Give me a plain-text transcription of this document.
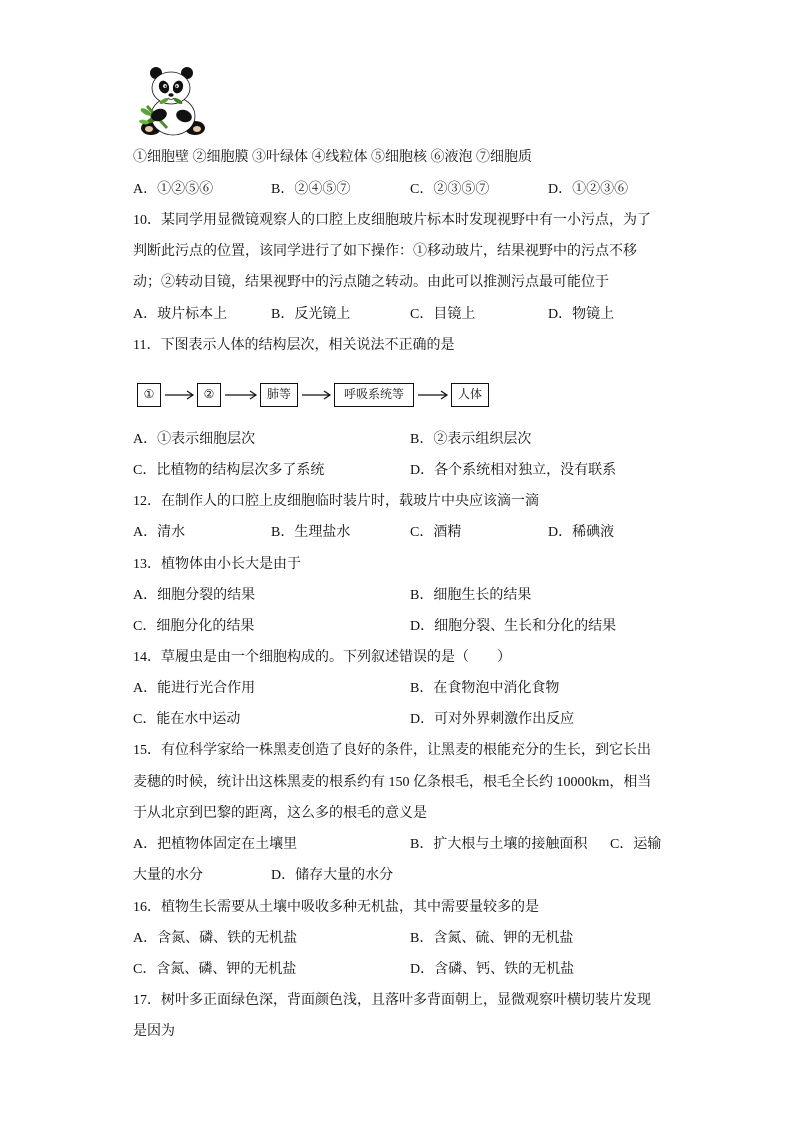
①细胞壁 ②细胞膜 ③叶绿体 ④线粒体 ⑤细胞核 ⑥液泡 ⑦细胞质
A．①②⑤⑥	B．②④⑤⑦	C．②③⑤⑦	D．①②③⑥
10．某同学用显微镜观察人的口腔上皮细胞玻片标本时发现视野中有一小污点，为了
判断此污点的位置，该同学进行了如下操作：①移动玻片，结果视野中的污点不移
动；②转动目镜，结果视野中的污点随之转动。由此可以推测污点最可能位于
A．玻片标本上	B．反光镜上	C．目镜上	D．物镜上
11．下图表示人体的结构层次，相关说法不正确的是
①	②	肺等	呼吸系统等	人体
A．①表示细胞层次	B．②表示组织层次
C．比植物的结构层次多了系统	D．各个系统相对独立，没有联系
12．在制作人的口腔上皮细胞临时装片时，载玻片中央应该滴一滴
A．清水	B．生理盐水	C．酒精	D．稀碘液
13．植物体由小长大是由于
A．细胞分裂的结果	B．细胞生长的结果
C．细胞分化的结果	D．细胞分裂、生长和分化的结果
14．草履虫是由一个细胞构成的。下列叙述错误的是（　　）
A．能进行光合作用	B．在食物泡中消化食物
C．能在水中运动	D．可对外界刺激作出反应
15．有位科学家给一株黑麦创造了良好的条件，让黑麦的根能充分的生长，到它长出
麦穗的时候，统计出这株黑麦的根系约有 150 亿条根毛，根毛全长约 10000km，相当
于从北京到巴黎的距离，这么多的根毛的意义是
A．把植物体固定在土壤里	B．扩大根与土壤的接触面积 C．运输
大量的水分	D．储存大量的水分
16．植物生长需要从土壤中吸收多种无机盐，其中需要量较多的是
A．含氮、磷、铁的无机盐	B．含氮、硫、钾的无机盐
C．含氮、磷、钾的无机盐	D．含磷、钙、铁的无机盐
17．树叶多正面绿色深，背面颜色浅，且落叶多背面朝上，显微观察叶横切装片发现
是因为
